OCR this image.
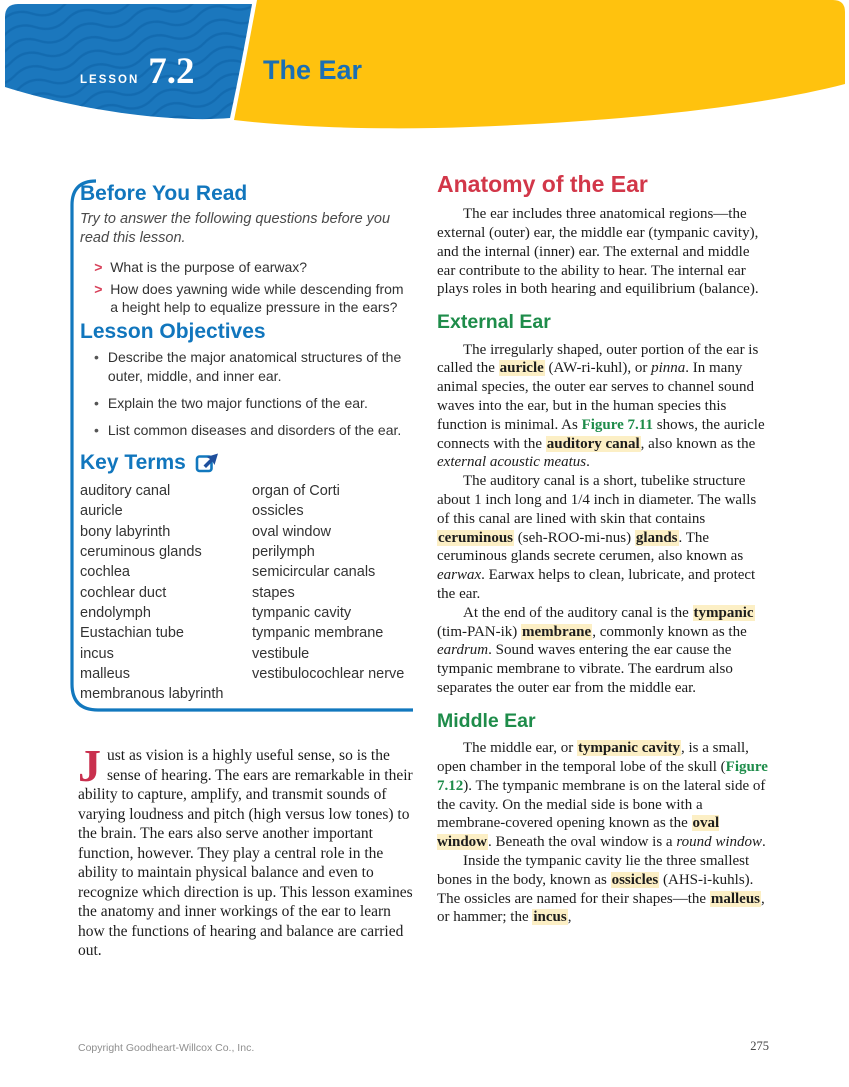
LESSON 7.2	The Ear
Before You Read

Try to answer the following questions before you read this lesson.

> What is the purpose of earwax?
> How does yawning wide while descending from a height help to equalize pressure in the ears?
Lesson Objectives
• Describe the major anatomical structures of the outer, middle, and inner ear.
• Explain the two major functions of the ear.
• List common diseases and disorders of the ear.
Key Terms
auditory canal
auricle
bony labyrinth
ceruminous glands
cochlea
cochlear duct
endolymph
Eustachian tube
incus
malleus
membranous labyrinth
organ of Corti
ossicles
oval window
perilymph
semicircular canals
stapes
tympanic cavity
tympanic membrane
vestibule
vestibulocochlear nerve

Just as vision is a highly useful sense, so is the sense of hearing. The ears are remarkable in their ability to capture, amplify, and transmit sounds of varying loudness and pitch (high versus low tones) to the brain. The ears also serve another important function, however. They play a central role in the ability to maintain physical balance and even to recognize which direction is up. This lesson examines the anatomy and inner workings of the ear to learn how the functions of hearing and balance are carried out.

Anatomy of the Ear

The ear includes three anatomical regions—the external (outer) ear, the middle ear (tympanic cavity), and the internal (inner) ear. The external and middle ear contribute to the ability to hear. The internal ear plays roles in both hearing and equilibrium (balance).

External Ear

The irregularly shaped, outer portion of the ear is called the auricle (AW-ri-kuhl), or pinna. In many animal species, the outer ear serves to channel sound waves into the ear, but in the human species this function is minimal. As Figure 7.11 shows, the auricle connects with the auditory canal, also known as the external acoustic meatus.

The auditory canal is a short, tubelike structure about 1 inch long and 1/4 inch in diameter. The walls of this canal are lined with skin that contains ceruminous (seh-ROO-mi-nus) glands. The ceruminous glands secrete cerumen, also known as earwax. Earwax helps to clean, lubricate, and protect the ear.

At the end of the auditory canal is the tympanic (tim-PAN-ik) membrane, commonly known as the eardrum. Sound waves entering the ear cause the tympanic membrane to vibrate. The eardrum also separates the outer ear from the middle ear.

Middle Ear

The middle ear, or tympanic cavity, is a small, open chamber in the temporal lobe of the skull (Figure 7.12). The tympanic membrane is on the lateral side of the cavity. On the medial side is bone with a membrane-covered opening known as the oval window. Beneath the oval window is a round window.

Inside the tympanic cavity lie the three smallest bones in the body, known as ossicles (AHS-i-kuhls). The ossicles are named for their shapes—the malleus, or hammer; the incus,

Copyright Goodheart-Willcox Co., Inc.	275
